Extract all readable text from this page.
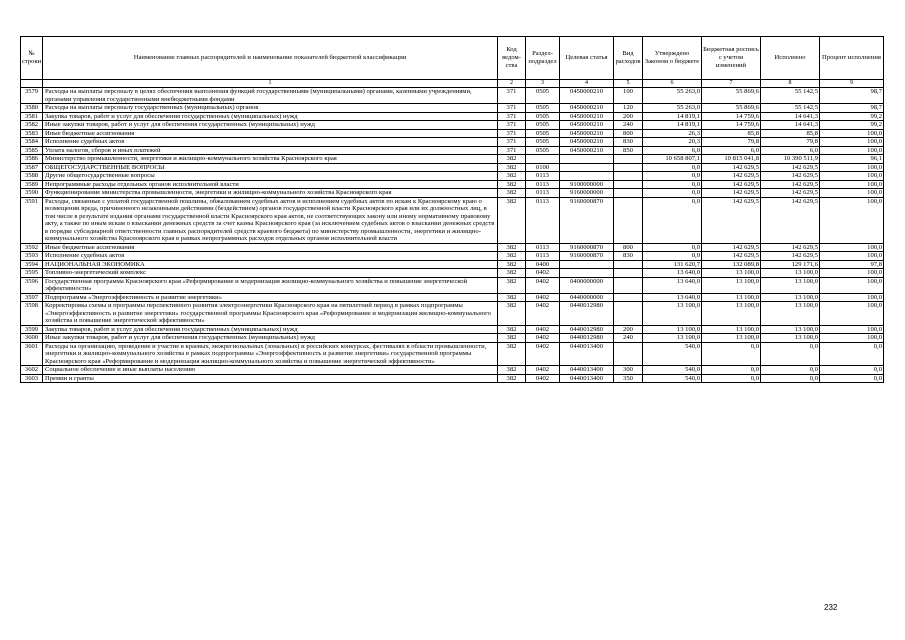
№ строки	Наименование главных распорядителей и наименование показателей бюджетной классификации	Код ведом- ства	Раздел- подраздел	Целевая статья	Вид расходов	Утверждено Законом о бюджете	Бюджетная роспись с учетом изменений	Исполнено	Процент исполнения
	1	2	3	4	5	6	7	8	9
3579	Расходы на выплаты персоналу в целях обеспечения выполнения функций государственными (муниципальными) органами, казенными учреждениями, органами управления государственными внебюджетными фондами	371	0505	0450000210	100	55 263,0	55 869,6	55 142,5	98,7
3580	Расходы на выплаты персоналу государственных (муниципальных) органов	371	0505	0450000210	120	55 263,0	55 869,6	55 142,5	98,7
3581	Закупка товаров, работ и услуг для обеспечения государственных (муниципальных) нужд	371	0505	0450000210	200	14 819,1	14 759,6	14 641,3	99,2
3582	Иные закупки товаров, работ и услуг для обеспечения государственных (муниципальных) нужд	371	0505	0450000210	240	14 819,1	14 759,6	14 641,3	99,2
3583	Иные бюджетные ассигнования	371	0505	0450000210	800	26,3	85,8	85,8	100,0
3584	Исполнение судебных актов	371	0505	0450000210	830	20,3	79,8	79,8	100,0
3585	Уплата налогов, сборов и иных платежей	371	0505	0450000210	850	6,0	6,0	6,0	100,0
3586	Министерство промышленности, энергетики и жилищно-коммунального хозяйства Красноярского края	382				10 658 807,1	10 815 041,8	10 390 511,9	96,1
3587	ОБЩЕГОСУДАРСТВЕННЫЕ ВОПРОСЫ	382	0100			0,0	142 629,5	142 629,5	100,0
3588	Другие общегосударственные вопросы	382	0113			0,0	142 629,5	142 629,5	100,0
3589	Непрограммные расходы отдельных органов исполнительной власти	382	0113	9100000000		0,0	142 629,5	142 629,5	100,0
3590	Функционирование министерства промышленности, энергетики и жилищно-коммунального хозяйства Красноярского края	382	0113	9160000000		0,0	142 629,5	142 629,5	100,0
3591	Расходы, связанные с уплатой государственной пошлины, обжалованием судебных актов и исполнением судебных актов по искам к Красноярскому краю о возмещении вреда, причиненного незаконными действиями (бездействием) органов государственной власти Красноярского края или их должностных лиц, в том числе в результате издания органами государственной власти Красноярского края актов, не соответствующих закону или иному нормативному правовому акту, а также по иным искам о взыскании денежных средств за счет казны Красноярского края (за исключением судебных актов о взыскании денежных средств в порядке субсидиарной ответственности главных распорядителей средств краевого бюджета) по министерству промышленности, энергетики и жилищно-коммунального хозяйства Красноярского края в рамках непрограммных расходов отдельных органов исполнительной власти	382	0113	9160000870		0,0	142 629,5	142 629,5	100,0
3592	Иные бюджетные ассигнования	382	0113	9160000870	800	0,0	142 629,5	142 629,5	100,0
3593	Исполнение судебных актов	382	0113	9160000870	830	0,0	142 629,5	142 629,5	100,0
3594	НАЦИОНАЛЬНАЯ ЭКОНОМИКА	382	0400			131 620,7	132 089,8	129 171,6	97,8
3595	Топливно-энергетический комплекс	382	0402			13 640,0	13 100,0	13 100,0	100,0
3596	Государственная программа Красноярского края «Реформирование и модернизация жилищно-коммунального хозяйства и повышение энергетической эффективности»	382	0402	0400000000		13 640,0	13 100,0	13 100,0	100,0
3597	Подпрограмма «Энергоэффективность и развитие энергетики»	382	0402	0440000000		13 640,0	13 100,0	13 100,0	100,0
3598	Корректировка схемы и программы перспективного развития электроэнергетики Красноярского края на пятилетний период в рамках подпрограммы «Энергоэффективность и развитие энергетики» государственной программы Красноярского края «Реформирование и модернизация жилищно-коммунального хозяйства и повышение энергетической эффективности»	382	0402	0440012980		13 100,0	13 100,0	13 100,0	100,0
3599	Закупка товаров, работ и услуг для обеспечения государственных (муниципальных) нужд	382	0402	0440012980	200	13 100,0	13 100,0	13 100,0	100,0
3600	Иные закупки товаров, работ и услуг для обеспечения государственных (муниципальных) нужд	382	0402	0440012980	240	13 100,0	13 100,0	13 100,0	100,0
3601	Расходы на организацию, проведение и участие в краевых, межрегиональных (зональных) и российских конкурсах, фестивалях в области промышленности, энергетики и жилищно-коммунального хозяйства в рамках подпрограммы «Энергоэффективность и развитие энергетики» государственной программы Красноярского края «Реформирование и модернизация жилищно-коммунального хозяйства и повышение энергетической эффективности»	382	0402	0440013400		540,0	0,0	0,0	0,0
3602	Социальное обеспечение и иные выплаты населению	382	0402	0440013400	300	540,0	0,0	0,0	0,0
3603	Премии и гранты	382	0402	0440013400	350	540,0	0,0	0,0	0,0
232
